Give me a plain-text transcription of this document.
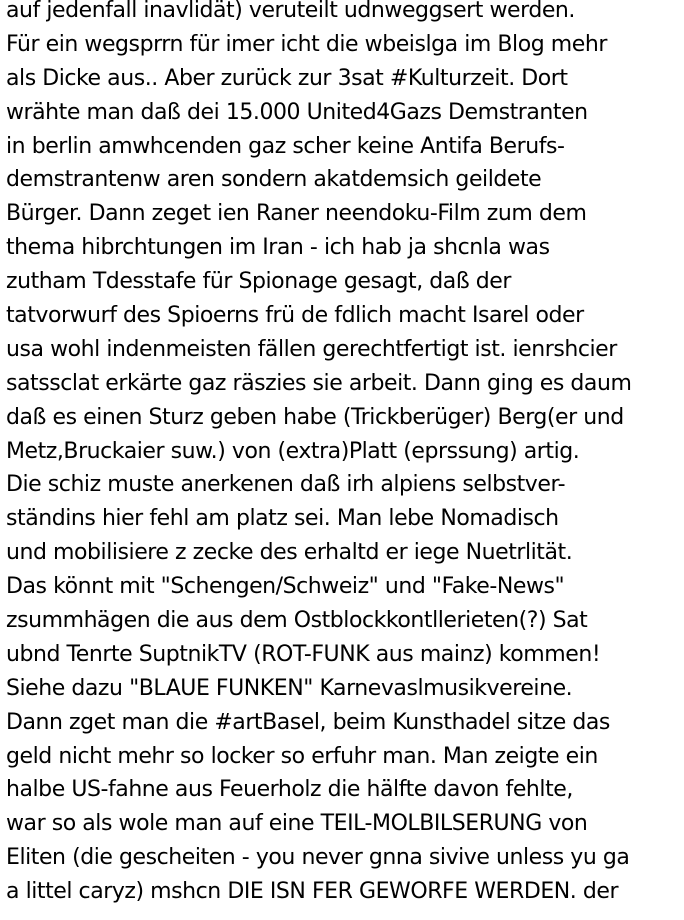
auf jedenfall inavlidät) veruteilt udnweggsert werden.
Für ein wegsprrn für imer icht die wbeislga im Blog mehr
als Dicke aus.. Aber zurück zur 3sat #Kulturzeit. Dort
wrähte man daß dei 15.000 United4Gazs Demstranten
in berlin amwhcenden gaz scher keine Antifa Berufs-
demstrantenw aren sondern akatdemsich geildete
Bürger. Dann zeget ien Raner neendoku-Film zum dem
thema hibrchtungen im Iran - ich hab ja shcnla was
zutham Tdesstafe für Spionage gesagt, daß der
tatvorwurf des Spioerns frü de fdlich macht Isarel oder
usa wohl indenmeisten fällen gerechtfertigt ist. ienrshcier
satssclat erkärte gaz räszies sie arbeit. Dann ging es daum
daß es einen Sturz geben habe (Trickberüger) Berg(er und
Metz,Bruckaier suw.) von (extra)Platt (eprssung) artig.
Die schiz muste anerkenen daß irh alpiens selbstver-
ständins hier fehl am platz sei. Man lebe Nomadisch
und mobilisiere z zecke des erhaltd er iege Nuetrlität.
Das könnt mit "Schengen/Schweiz" und "Fake-News"
zsummhägen die aus dem Ostblockkontllerieten(?) Sat
ubnd Tenrte SuptnikTV (ROT-FUNK aus mainz) kommen!
Siehe dazu "BLAUE FUNKEN" Karnevaslmusikvereine.
Dann zget man die #artBasel, beim Kunsthadel sitze das
geld nicht mehr so locker so erfuhr man. Man zeigte ein
halbe US-fahne aus Feuerholz die hälfte davon fehlte,
war so als wole man auf eine TEIL-MOLBILSERUNG von
Eliten (die gescheiten - you never gnna sivive unless yu ga
a littel caryz) mshcn DIE ISN FER GEWORFE WERDEN. der
